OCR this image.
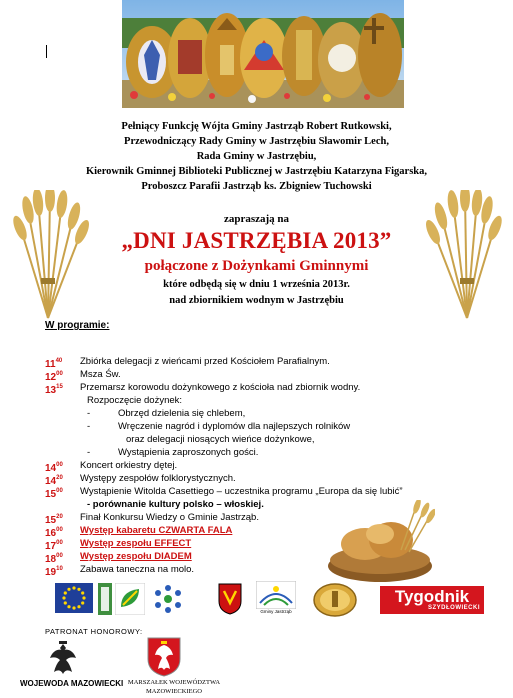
Pełniący Funkcję Wójta Gminy Jastrząb Robert Rutkowski,
Przewodniczący Rady Gminy w Jastrzębiu Sławomir Lech,
Rada Gminy w Jastrzębiu,
Kierownik Gminnej Biblioteki Publicznej w Jastrzębiu Katarzyna Figarska,
Proboszcz Parafii Jastrząb ks. Zbigniew Tuchowski
zapraszają na
„DNI JASTRZĘBIA 2013”
połączone z Dożynkami Gminnymi
które odbędą się w dniu 1 września 2013r.
nad zbiornikiem wodnym w Jastrzębiu
W programie:
$11^{40}$ Zbiórka delegacji z wieńcami przed Kościołem Parafialnym.
$12^{00}$ Msza Św.
$13^{15}$ Przemarsz korowodu dożynkowego z kościoła nad zbiornik wodny.
Rozpoczęcie dożynek:
-	Obrzęd dzielenia się chlebem,
-	Wręczenie nagród i dyplomów dla najlepszych rolników
oraz delegacji niosących wieńce dożynkowe,
-	Wystąpienia zaproszonych gości.
$14^{00}$ Koncert orkiestry dętej.
$14^{20}$ Występy zespołów folklorystycznych.
$15^{00}$ Wystąpienie Witolda Casettiego – uczestnika programu „Europa da się lubić”
- porównanie kultury polsko – włoskiej.
$15^{20}$ Finał Konkursu Wiedzy o Gminie Jastrząb.
$16^{00}$ Występ kabaretu CZWARTA FALA
$17^{00}$ Występ zespołu EFFECT
$18^{00}$ Występ zespołu DIADEM
$19^{10}$ Zabawa taneczna na molo.
Gminy Jastrząb
Tygodnik
SZYDŁOWIECKI
PATRONAT HONOROWY:
WOJEWODA MAZOWIECKI MARSZAŁEK WOJEWÓDZTWA MAZOWIECKIEGO
